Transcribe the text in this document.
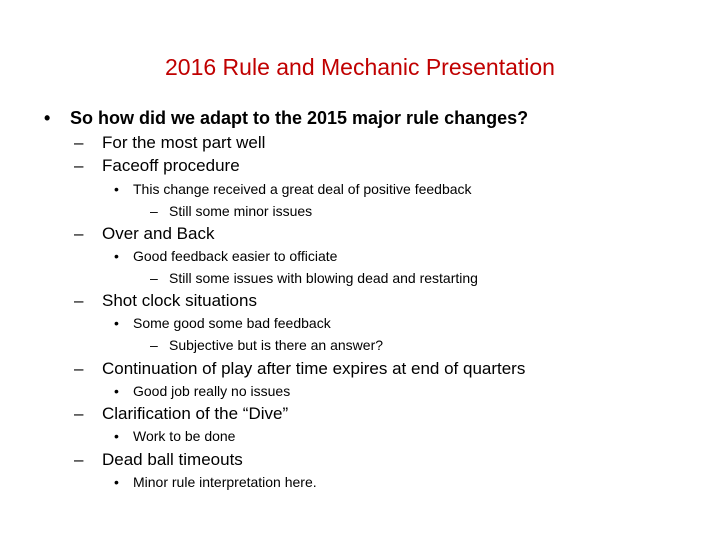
2016 Rule and Mechanic Presentation
• So how did we adapt to the 2015 major rule changes?
– For the most part well
– Faceoff procedure
• This change received a great deal of positive feedback
– Still some minor issues
– Over and Back
• Good feedback easier to officiate
– Still some issues with blowing dead and restarting
– Shot clock situations
• Some good some bad feedback
– Subjective but is there an answer?
– Continuation of play after time expires at end of quarters
• Good job really no issues
– Clarification of the “Dive”
• Work to be done
– Dead ball timeouts
• Minor rule interpretation here.
